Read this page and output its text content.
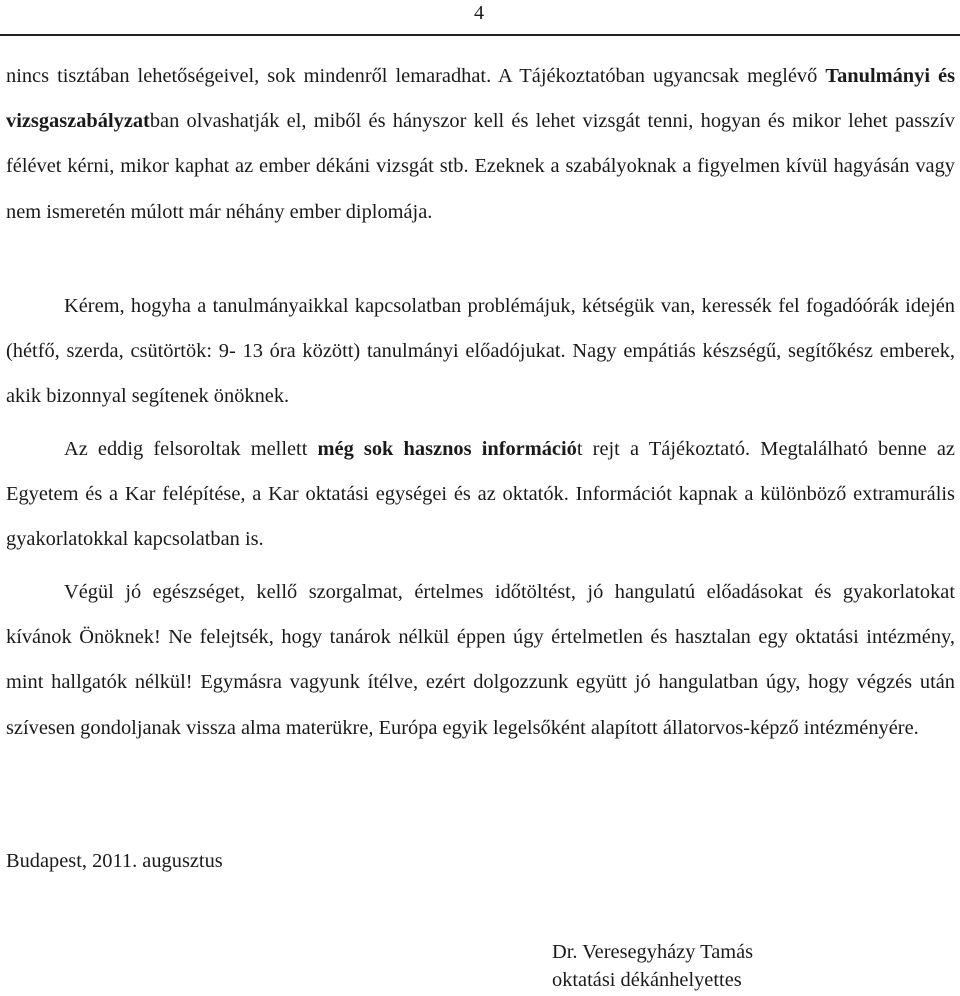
4

nincs tisztában lehetőségeivel, sok mindenről lemaradhat. A Tájékoztatóban ugyancsak meglévő Tanulmányi és vizsgaszabályzatban olvashatják el, miből és hányszor kell és lehet vizsgát tenni, hogyan és mikor lehet passzív félévet kérni, mikor kaphat az ember dékáni vizsgát stb. Ezeknek a szabályoknak a figyelmen kívül hagyásán vagy nem ismeretén múlott már néhány ember diplomája.

Kérem, hogyha a tanulmányaikkal kapcsolatban problémájuk, kétségük van, keressék fel fogadóórák idején (hétfő, szerda, csütörtök: 9- 13 óra között) tanulmányi előadójukat. Nagy empátiás készségű, segítőkész emberek, akik bizonnyal segítenek önöknek.

Az eddig felsoroltak mellett még sok hasznos információt rejt a Tájékoztató. Megtalálható benne az Egyetem és a Kar felépítése, a Kar oktatási egységei és az oktatók. Információt kapnak a különböző extramurális gyakorlatokkal kapcsolatban is.

Végül jó egészséget, kellő szorgalmat, értelmes időtöltést, jó hangulatú előadásokat és gyakorlatokat kívánok Önöknek! Ne felejtsék, hogy tanárok nélkül éppen úgy értelmetlen és hasztalan egy oktatási intézmény, mint hallgatók nélkül! Egymásra vagyunk ítélve, ezért dolgozzunk együtt jó hangulatban úgy, hogy végzés után szívesen gondoljanak vissza alma materükre, Európa egyik legelsőként alapított állatorvos-képző intézményére.

Budapest, 2011. augusztus
Dr. Veresegyházy Tamás
oktatási dékánhelyettes
